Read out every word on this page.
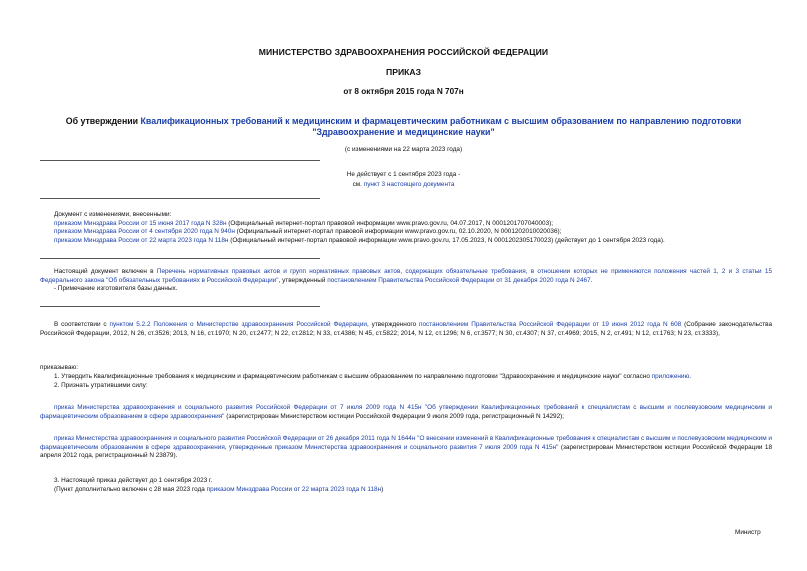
МИНИСТЕРСТВО ЗДРАВООХРАНЕНИЯ РОССИЙСКОЙ ФЕДЕРАЦИИ
ПРИКАЗ
от 8 октября 2015 года N 707н
Об утверждении Квалификационных требований к медицинским и фармацевтическим работникам с высшим образованием по направлению подготовки "Здравоохранение и медицинские науки"
(с изменениями на 22 марта 2023 года)
Не действует с 1 сентября 2023 года -
см. пункт 3 настоящего документа

Документ с изменениями, внесенными:

приказом Минздрава России от 15 июня 2017 года N 328н (Официальный интернет-портал правовой информации www.pravo.gov.ru, 04.07.2017, N 0001201707040003);

приказом Минздрава России от 4 сентября 2020 года N 940н (Официальный интернет-портал правовой информации www.pravo.gov.ru, 02.10.2020, N 0001202010020036);

приказом Минздрава России от 22 марта 2023 года N 118н (Официальный интернет-портал правовой информации www.pravo.gov.ru, 17.05.2023, N 0001202305170023) (действует до 1 сентября 2023 года).

Настоящий документ включен в Перечень нормативных правовых актов и групп нормативных правовых актов, содержащих обязательные требования, в отношении которых не применяются положения частей 1, 2 и 3 статьи 15 Федерального закона "Об обязательных требованиях в Российской Федерации", утвержденный постановлением Правительства Российской Федерации от 31 декабря 2020 года N 2467.

- Примечание изготовителя базы данных.

В соответствии с пунктом 5.2.2 Положения о Министерстве здравоохранения Российской Федерации, утвержденного постановлением Правительства Российской Федерации от 19 июня 2012 года N 608 (Собрание законодательства Российской Федерации, 2012, N 26, ст.3526; 2013, N 16, ст.1970; N 20, ст.2477; N 22, ст.2812; N 33, ст.4386; N 45, ст.5822; 2014, N 12, ст.1296; N 6, ст.3577; N 30, ст.4307; N 37, ст.4969; 2015, N 2, ст.491; N 12, ст.1763; N 23, ст.3333),

приказываю:
1. Утвердить Квалификационные требования к медицинским и фармацевтическим работникам с высшим образованием по направлению подготовки "Здравоохранение и медицинские науки" согласно приложению.
2. Признать утратившими силу:

приказ Министерства здравоохранения и социального развития Российской Федерации от 7 июля 2009 года N 415н "Об утверждении Квалификационных требований к специалистам с высшим и послевузовским медицинским и фармацевтическим образованием в сфере здравоохранения" (зарегистрирован Министерством юстиции Российской Федерации 9 июля 2009 года, регистрационный N 14292);

приказ Министерства здравоохранения и социального развития Российской Федерации от 26 декабря 2011 года N 1644н "О внесении изменений в Квалификационные требования к специалистам с высшим и послевузовским медицинским и фармацевтическим образованием в сфере здравоохранения, утвержденные приказом Министерства здравоохранения и социального развития 7 июля 2009 года N 415н" (зарегистрирован Министерством юстиции Российской Федерации 18 апреля 2012 года, регистрационный N 23879).

3. Настоящий приказ действует до 1 сентября 2023 г.
(Пункт дополнительно включен с 28 мая 2023 года приказом Минздрава России от 22 марта 2023 года N 118н)
Министр
